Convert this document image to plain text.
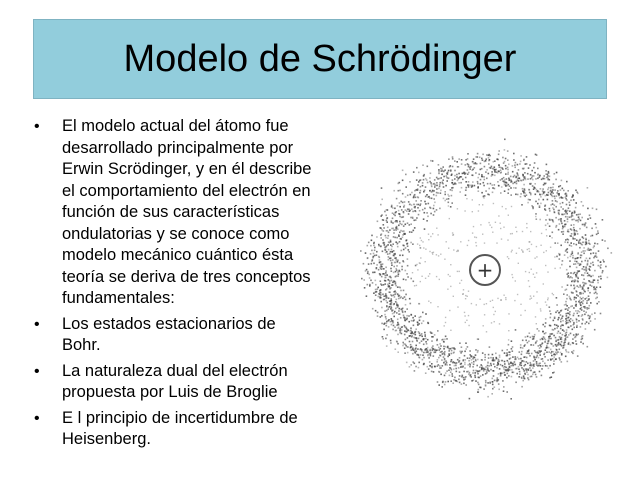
Modelo de Schrödinger
• El modelo actual del átomo fue desarrollado principalmente por Erwin Scrödinger, y en él describe el comportamiento del electrón en función de sus características ondulatorias y se conoce como modelo mecánico cuántico ésta teoría se deriva de tres conceptos fundamentales:
• Los estados estacionarios de Bohr.
• La naturaleza dual del electrón propuesta por Luis de Broglie
• E l principio de incertidumbre de Heisenberg.
+
